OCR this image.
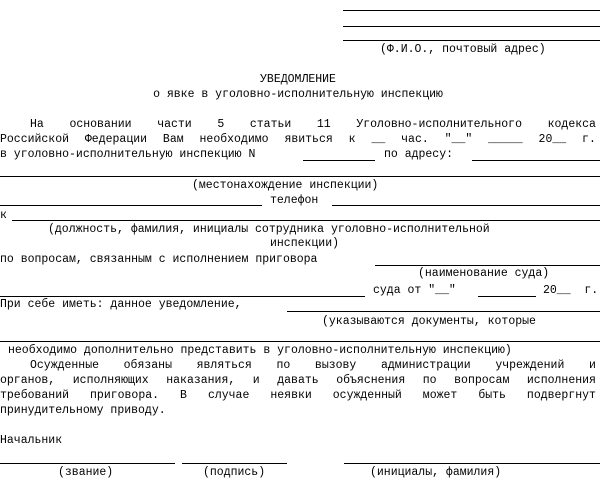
(Ф.И.О., почтовый адрес)
УВЕДОМЛЕНИЕ
о явке в уголовно-исполнительную инспекцию
На основании части 5 статьи 11 Уголовно-исполнительного кодекса
Российской Федерации Вам необходимо явиться к __ час. "__" _____ 20__ г.
в уголовно-исполнительную инспекцию N	по адресу:
(местонахождение инспекции)
телефон
к
(должность, фамилия, инициалы сотрудника уголовно-исполнительной
инспекции)
по вопросам, связанным с исполнением приговора
(наименование суда)
суда от "__"	20__  г.
При себе иметь: данное уведомление,
(указываются документы, которые
необходимо дополнительно представить в уголовно-исполнительную инспекцию)
Осужденные обязаны являться по вызову администрации учреждений и
органов, исполняющих наказания, и давать объяснения по вопросам исполнения
требований приговора. В случае неявки осужденный может быть подвергнут
принудительному приводу.
Начальник
(звание)	(подпись)	(инициалы, фамилия)
